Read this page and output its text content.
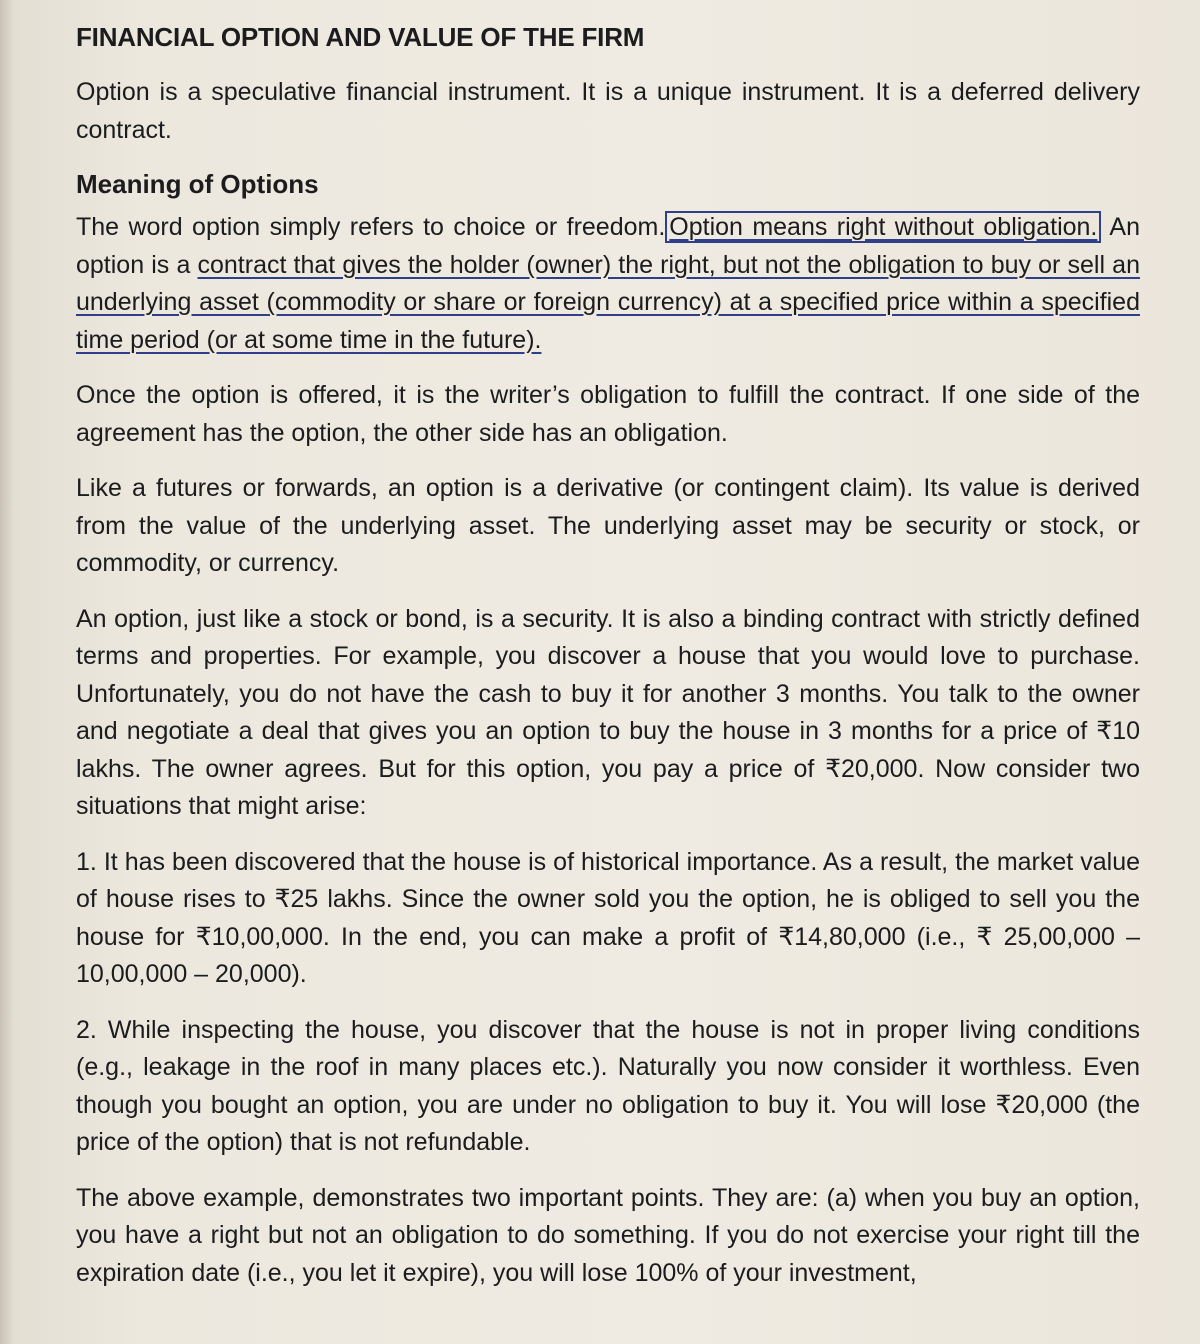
FINANCIAL OPTION AND VALUE OF THE FIRM

Option is a speculative financial instrument. It is a unique instrument. It is a deferred delivery contract.

Meaning of Options

The word option simply refers to choice or freedom. Option means right without obligation. An option is a contract that gives the holder (owner) the right, but not the obligation to buy or sell an underlying asset (commodity or share or foreign currency) at a specified price within a specified time period (or at some time in the future).

Once the option is offered, it is the writer’s obligation to fulfill the contract. If one side of the agreement has the option, the other side has an obligation.

Like a futures or forwards, an option is a derivative (or contingent claim). Its value is derived from the value of the underlying asset. The underlying asset may be security or stock, or commodity, or currency.

An option, just like a stock or bond, is a security. It is also a binding contract with strictly defined terms and properties. For example, you discover a house that you would love to purchase. Unfortunately, you do not have the cash to buy it for another 3 months. You talk to the owner and negotiate a deal that gives you an option to buy the house in 3 months for a price of ₹10 lakhs. The owner agrees. But for this option, you pay a price of ₹20,000. Now consider two situations that might arise:

1. It has been discovered that the house is of historical importance. As a result, the market value of house rises to ₹25 lakhs. Since the owner sold you the option, he is obliged to sell you the house for ₹10,00,000. In the end, you can make a profit of ₹14,80,000 (i.e., ₹ 25,00,000 – 10,00,000 – 20,000).

2. While inspecting the house, you discover that the house is not in proper living conditions (e.g., leakage in the roof in many places etc.). Naturally you now consider it worthless. Even though you bought an option, you are under no obligation to buy it. You will lose ₹20,000 (the price of the option) that is not refundable.

The above example, demonstrates two important points. They are: (a) when you buy an option, you have a right but not an obligation to do something. If you do not exercise your right till the expiration date (i.e., you let it expire), you will lose 100% of your investment,
